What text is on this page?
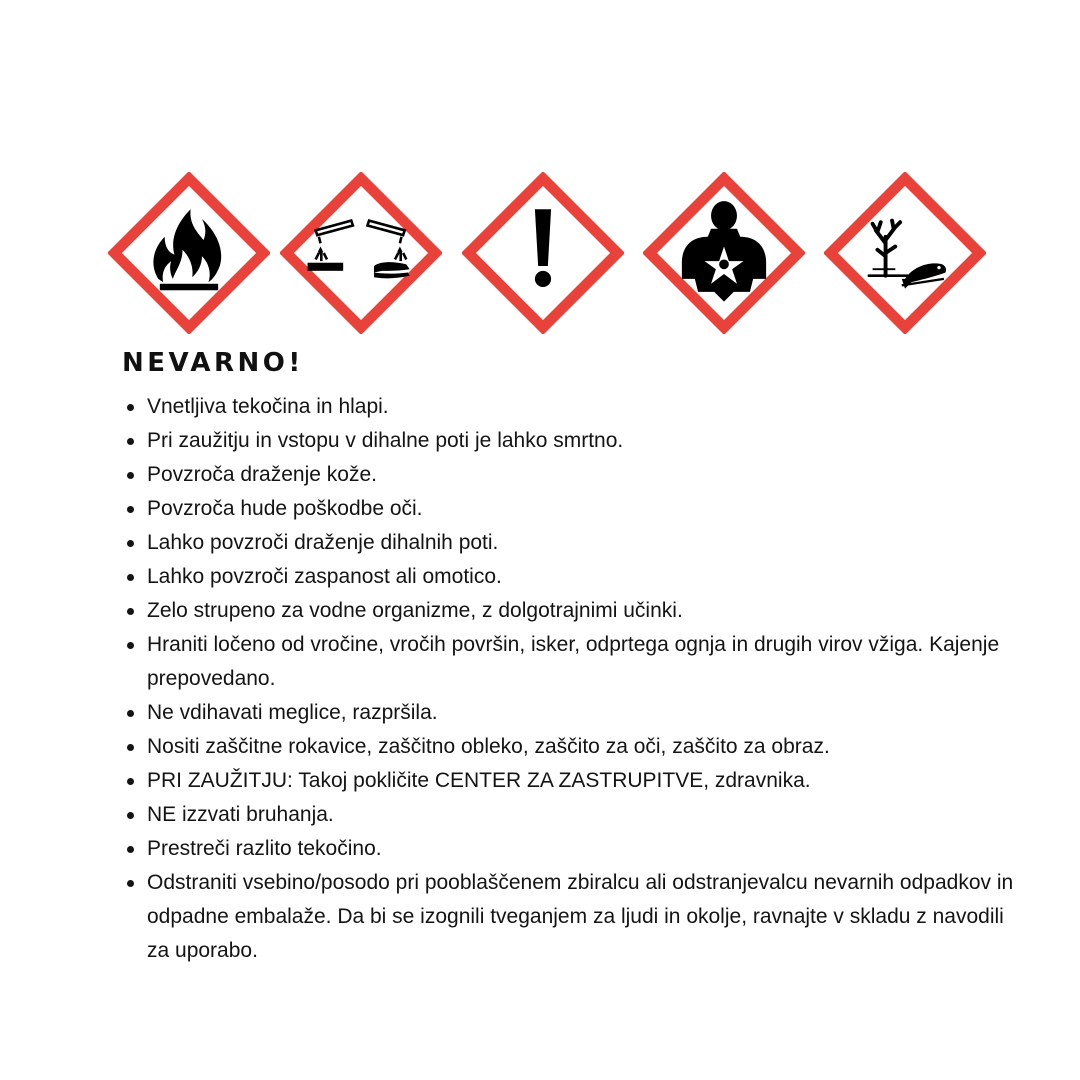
NEVARNO!
Vnetljiva tekočina in hlapi.
Pri zaužitju in vstopu v dihalne poti je lahko smrtno.
Povzroča draženje kože.
Povzroča hude poškodbe oči.
Lahko povzroči draženje dihalnih poti.
Lahko povzroči zaspanost ali omotico.
Zelo strupeno za vodne organizme, z dolgotrajnimi učinki.
Hraniti ločeno od vročine, vročih površin, isker, odprtega ognja in drugih virov vžiga. Kajenje prepovedano.
Ne vdihavati meglice, razpršila.
Nositi zaščitne rokavice, zaščitno obleko, zaščito za oči, zaščito za obraz.
PRI ZAUŽITJU: Takoj pokličite CENTER ZA ZASTRUPITVE, zdravnika.
NE izzvati bruhanja.
Prestreči razlito tekočino.
Odstraniti vsebino/posodo pri pooblaščenem zbiralcu ali odstranjevalcu nevarnih odpadkov in odpadne embalaže. Da bi se izognili tveganjem za ljudi in okolje, ravnajte v skladu z navodili za uporabo.
